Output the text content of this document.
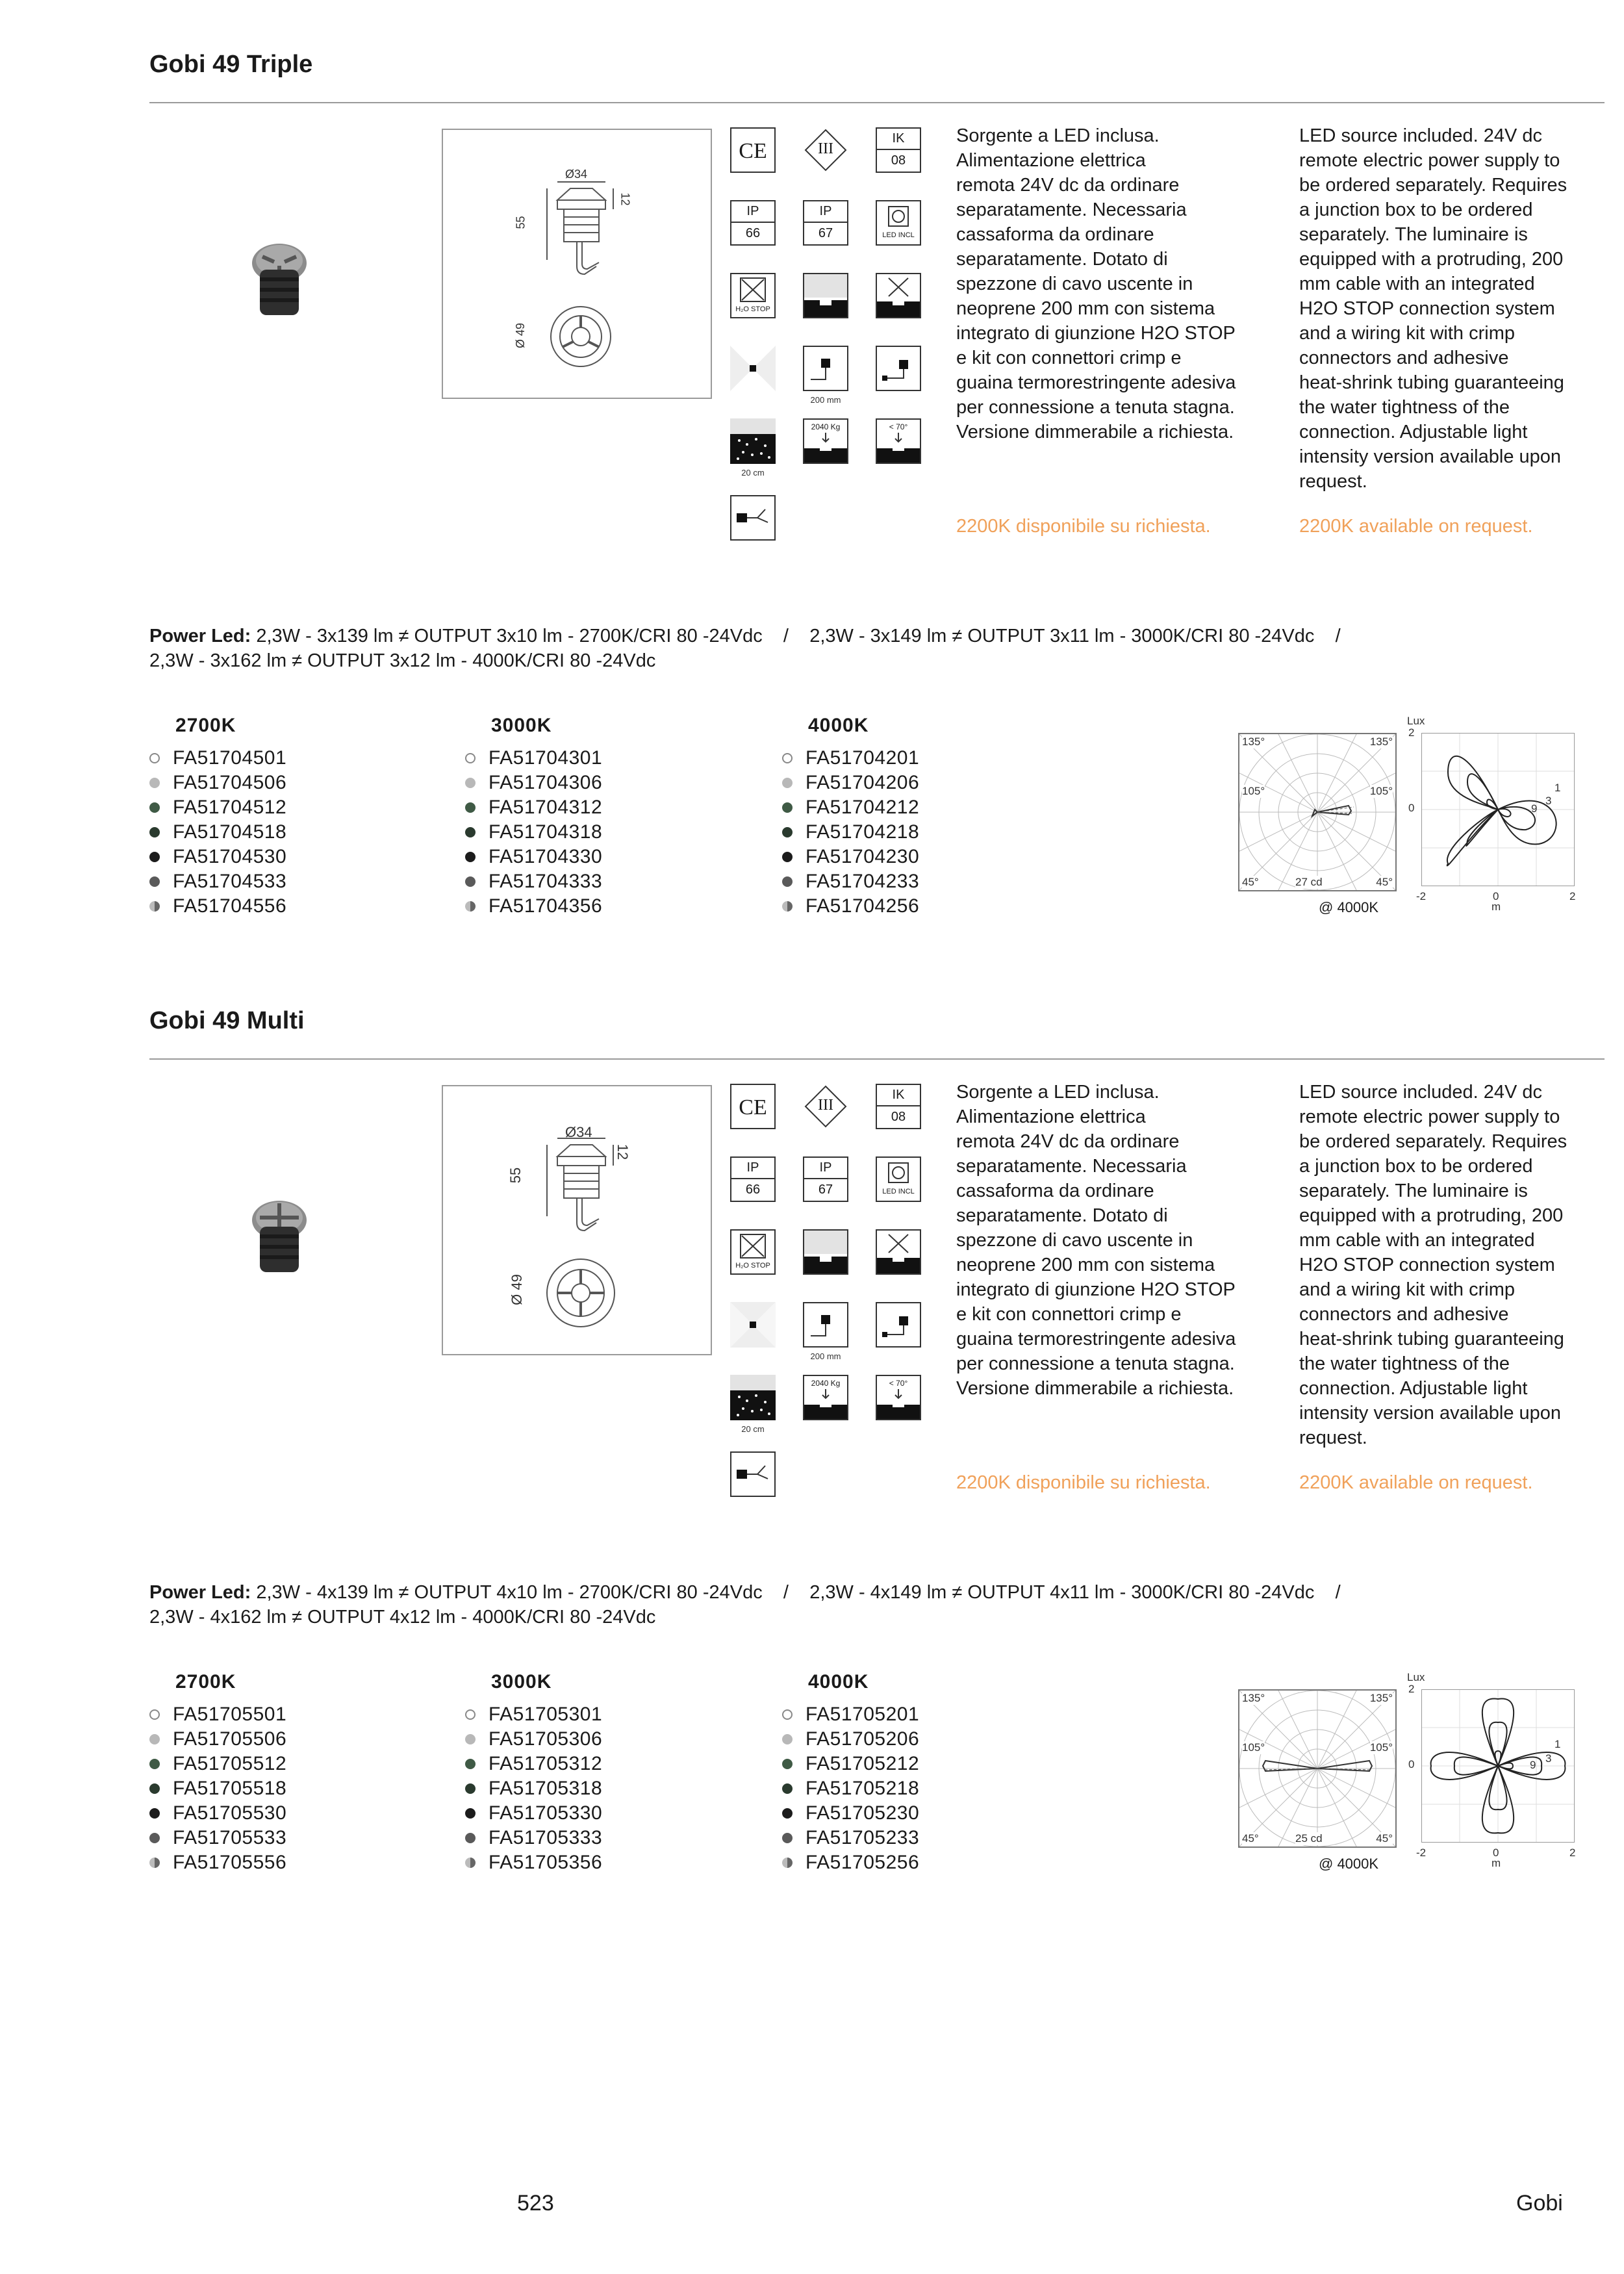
Gobi 49 Triple
Ø34
55
12
Ø 49
CE	III
IK
08
IP
66
IP
67	LED INCL
H₂O STOP
200 mm
20 cm
2040 Kg	< 70°
Sorgente a LED inclusa.
Alimentazione elettrica
remota 24V dc da ordinare
separatamente. Necessaria
cassaforma da ordinare
separatamente. Dotato di
spezzone di cavo uscente in
neoprene 200 mm con sistema
integrato di giunzione H2O STOP
e kit con connettori crimp e
guaina termorestringente adesiva
per connessione a tenuta stagna.
Versione dimmerabile a richiesta.
LED source included. 24V dc
remote electric power supply to
be ordered separately. Requires
a junction box to be ordered
separately. The luminaire is
equipped with a protruding, 200
mm cable with an integrated
H2O STOP connection system
and a wiring kit with crimp
connectors and adhesive
heat-shrink tubing guaranteeing
the water tightness of the
connection. Adjustable light
intensity version available upon
request.
2200K disponibile su richiesta.	2200K available on request.
Power Led: 2,3W - 3x139 lm ≠ OUTPUT 3x10 lm - 2700K/CRI 80 -24Vdc    /    2,3W - 3x149 lm ≠ OUTPUT 3x11 lm - 3000K/CRI 80 -24Vdc    /
2,3W - 3x162 lm ≠ OUTPUT 3x12 lm - 4000K/CRI 80 -24Vdc
2700K
FA51704501
FA51704506
FA51704512
FA51704518
FA51704530
FA51704533
FA51704556
3000K
FA51704301
FA51704306
FA51704312
FA51704318
FA51704330
FA51704333
FA51704356
4000K
FA51704201
FA51704206
FA51704212
FA51704218
FA51704230
FA51704233
FA51704256
135°	135°
105°	105°
45°	27 cd	45°
@ 4000K
1
3
9
Lux
2
0
-2	0	2
m
Gobi 49 Multi
Ø34
55
12
Ø 49
CE	III
IK
08
IP
66
IP
67	LED INCL
H₂O STOP
200 mm
20 cm
2040 Kg	< 70°
Sorgente a LED inclusa.
Alimentazione elettrica
remota 24V dc da ordinare
separatamente. Necessaria
cassaforma da ordinare
separatamente. Dotato di
spezzone di cavo uscente in
neoprene 200 mm con sistema
integrato di giunzione H2O STOP
e kit con connettori crimp e
guaina termorestringente adesiva
per connessione a tenuta stagna.
Versione dimmerabile a richiesta.
LED source included. 24V dc
remote electric power supply to
be ordered separately. Requires
a junction box to be ordered
separately. The luminaire is
equipped with a protruding, 200
mm cable with an integrated
H2O STOP connection system
and a wiring kit with crimp
connectors and adhesive
heat-shrink tubing guaranteeing
the water tightness of the
connection. Adjustable light
intensity version available upon
request.
2200K disponibile su richiesta.	2200K available on request.
Power Led: 2,3W - 4x139 lm ≠ OUTPUT 4x10 lm - 2700K/CRI 80 -24Vdc    /    2,3W - 4x149 lm ≠ OUTPUT 4x11 lm - 3000K/CRI 80 -24Vdc    /
2,3W - 4x162 lm ≠ OUTPUT 4x12 lm - 4000K/CRI 80 -24Vdc
2700K
FA51705501
FA51705506
FA51705512
FA51705518
FA51705530
FA51705533
FA51705556
3000K
FA51705301
FA51705306
FA51705312
FA51705318
FA51705330
FA51705333
FA51705356
4000K
FA51705201
FA51705206
FA51705212
FA51705218
FA51705230
FA51705233
FA51705256
135°	135°
105°	105°
45°	25 cd	45°
@ 4000K
1
3
9
Lux
2
0
-2	0	2
m
523	Gobi
